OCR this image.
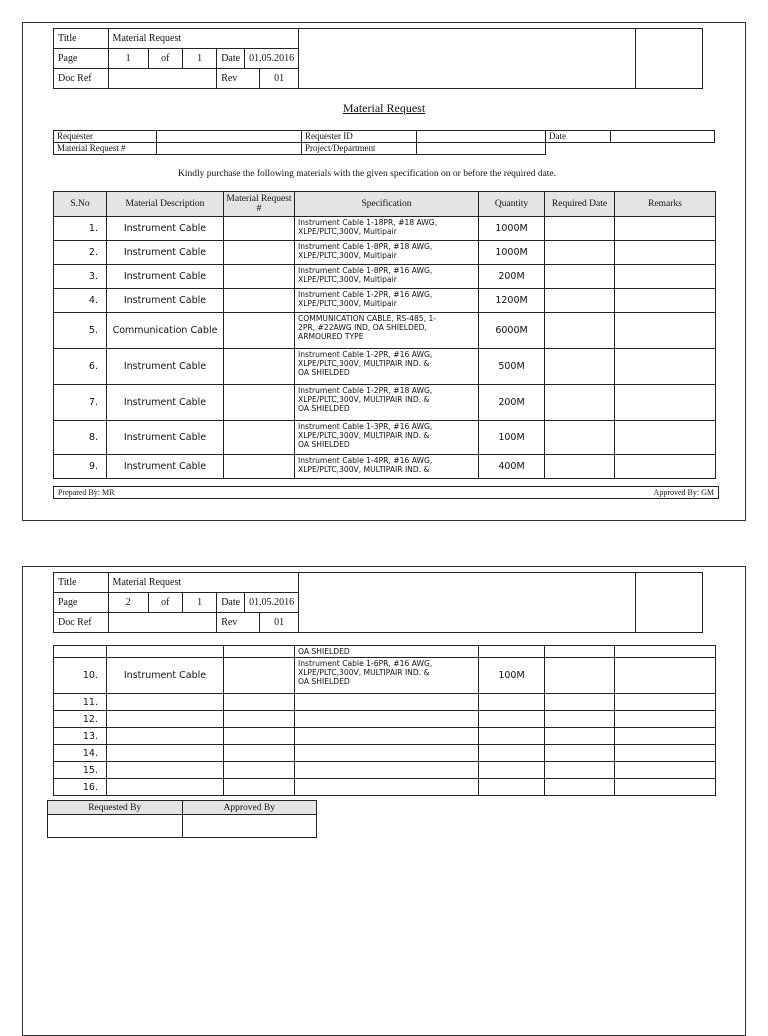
Title	Material Request		
Page	1	of	1	Date	01.05.2016

Doc Ref			Rev	01
Material Request
Requester		Requester ID		Date	
Material Request #		Project/Department			
Kindly purchase the following materials with the given specification on or before the required date.
S.No	Material Description	Material Request #	Specification	Quantity	Required Date	Remarks
1.	Instrument Cable		Instrument Cable 1-18PR, #18 AWG,
XLPE/PLTC,300V, Multipair	1000M		
2.	Instrument Cable		Instrument Cable 1-8PR, #18 AWG,
XLPE/PLTC,300V, Multipair	1000M		
3.	Instrument Cable		Instrument Cable 1-8PR, #16 AWG,
XLPE/PLTC,300V, Multipair	200M		
4.	Instrument Cable		Instrument Cable 1-2PR, #16 AWG,
XLPE/PLTC,300V, Multipair	1200M		
5.	Communication Cable		COMMUNICATION CABLE, RS-485, 1-
2PR, #22AWG IND, OA SHIELDED,
ARMOURED TYPE	6000M		
6.	Instrument Cable		Instrument Cable 1-2PR, #16 AWG,
XLPE/PLTC,300V, MULTIPAIR IND. &
OA SHIELDED	500M		
7.	Instrument Cable		Instrument Cable 1-2PR, #18 AWG,
XLPE/PLTC,300V, MULTIPAIR IND. &
OA SHIELDED	200M		
8.	Instrument Cable		Instrument Cable 1-3PR, #16 AWG,
XLPE/PLTC,300V, MULTIPAIR IND. &
OA SHIELDED	100M		
9.	Instrument Cable		Instrument Cable 1-4PR, #16 AWG,
XLPE/PLTC,300V, MULTIPAIR IND. &	400M		
Prepared By: MR	Approved By: GM
Title	Material Request		
Page	2	of	1	Date	01.05.2016

Doc Ref			Rev	01
			OA SHIELDED			
10.	Instrument Cable		Instrument Cable 1-6PR, #16 AWG,
XLPE/PLTC,300V, MULTIPAIR IND. &
OA SHIELDED	100M		
11.						
12.						
13.						
14.						
15.						
16.						
Requested By	Approved By
